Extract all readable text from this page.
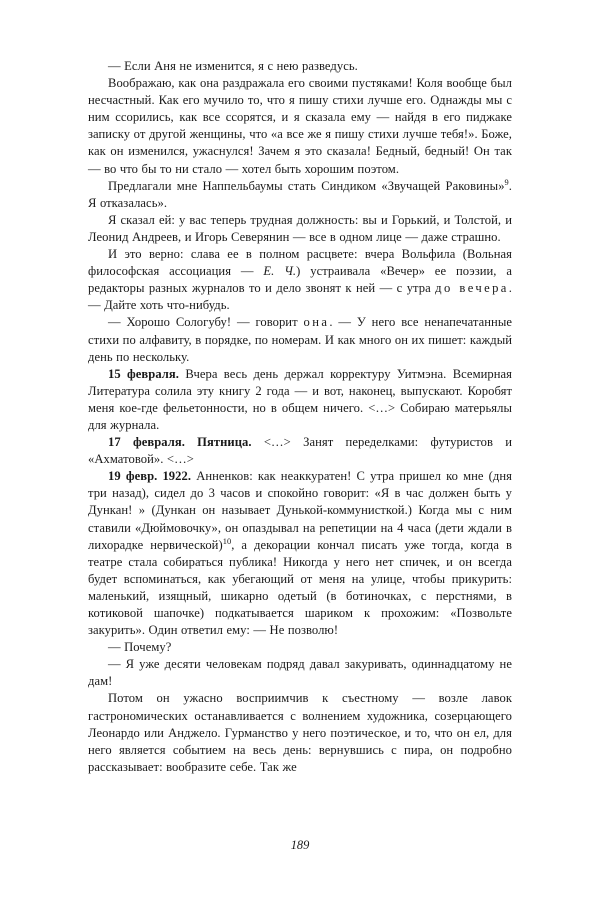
— Если Аня не изменится, я с нею разведусь.

Воображаю, как она раздражала его своими пустяками! Коля вообще был несчастный. Как его мучило то, что я пишу стихи лучше его. Однажды мы с ним ссорились, как все ссорятся, и я сказала ему — найдя в его пиджаке записку от другой женщины, что «а все же я пишу стихи лучше тебя!». Боже, как он изменился, ужаснулся! Зачем я это сказала! Бедный, бедный! Он так — во что бы то ни стало — хотел быть хорошим поэтом.

Предлагали мне Наппельбаумы стать Синдиком «Звучащей Раковины»$^9$. Я отказалась».

Я сказал ей: у вас теперь трудная должность: вы и Горький, и Толстой, и Леонид Андреев, и Игорь Северянин — все в одном лице — даже страшно.

И это верно: слава ее в полном расцвете: вчера Вольфила (Вольная философская ассоциация — Е. Ч.) устраивала «Вечер» ее поэзии, а редакторы разных журналов то и дело звонят к ней — с утра до вечера. — Дайте хоть что-нибудь.

— Хорошо Сологубу! — говорит она. — У него все ненапечатанные стихи по алфавиту, в порядке, по номерам. И как много он их пишет: каждый день по нескольку.

15 февраля. Вчера весь день держал корректуру Уитмэна. Всемирная Литература солила эту книгу 2 года — и вот, наконец, выпускают. Коробят меня кое-где фельетонности, но в общем ничего. <…> Собираю матерьялы для журнала.

17 февраля. Пятница. <…> Занят переделками: футуристов и «Ахматовой». <…>

19 февр. 1922. Анненков: как неаккуратен! С утра пришел ко мне (дня три назад), сидел до 3 часов и спокойно говорит: «Я в час должен быть у Дункан! » (Дункан он называет Дунькой-коммунисткой.) Когда мы с ним ставили «Дюймовочку», он опаздывал на репетиции на 4 часа (дети ждали в лихорадке нервической)$^{10}$, а декорации кончал писать уже тогда, когда в театре стала собираться публика! Никогда у него нет спичек, и он всегда будет вспоминаться, как убегающий от меня на улице, чтобы прикурить: маленький, изящный, шикарно одетый (в ботиночках, с перстнями, в котиковой шапочке) подкатывается шариком к прохожим: «Позвольте закурить». Один ответил ему: — Не позволю!

— Почему?

— Я уже десяти человекам подряд давал закуривать, одиннадцатому не дам!

Потом он ужасно восприимчив к съестному — возле лавок гастрономических останавливается с волнением художника, созерцающего Леонардо или Анджело. Гурманство у него поэтическое, и то, что он ел, для него является событием на весь день: вернувшись с пира, он подробно рассказывает: вообразите себе. Так же

189
